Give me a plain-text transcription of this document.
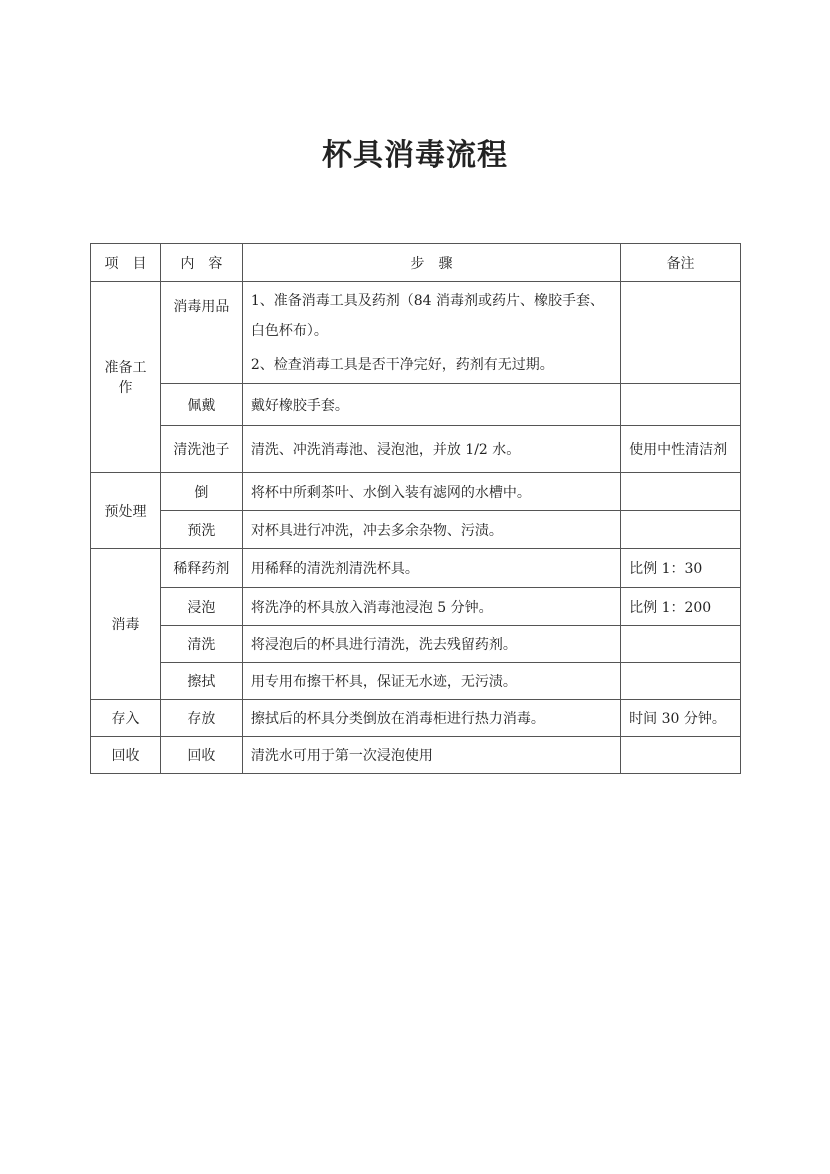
杯具消毒流程
项　目	内　容	步　骤	备注
准备工作	消毒用品	1、准备消毒工具及药剂（84 消毒剂或药片、橡胶手套、白色杯布）。

2、检查消毒工具是否干净完好，药剂有无过期。	

	佩戴	戴好橡胶手套。	
	清洗池子	清洗、冲洗消毒池、浸泡池，并放 1/2 水。	使用中性清洁剂
预处理	倒	将杯中所剩茶叶、水倒入装有滤网的水槽中。	
	预洗	对杯具进行冲洗，冲去多余杂物、污渍。	
消毒	稀释药剂	用稀释的清洗剂清洗杯具。	比例 1：30
	浸泡	将洗净的杯具放入消毒池浸泡 5 分钟。	比例 1：200
	清洗	将浸泡后的杯具进行清洗，洗去残留药剂。	
	擦拭	用专用布擦干杯具，保证无水迹，无污渍。	
存入	存放	擦拭后的杯具分类倒放在消毒柜进行热力消毒。	时间 30 分钟。
回收	回收	清洗水可用于第一次浸泡使用	
